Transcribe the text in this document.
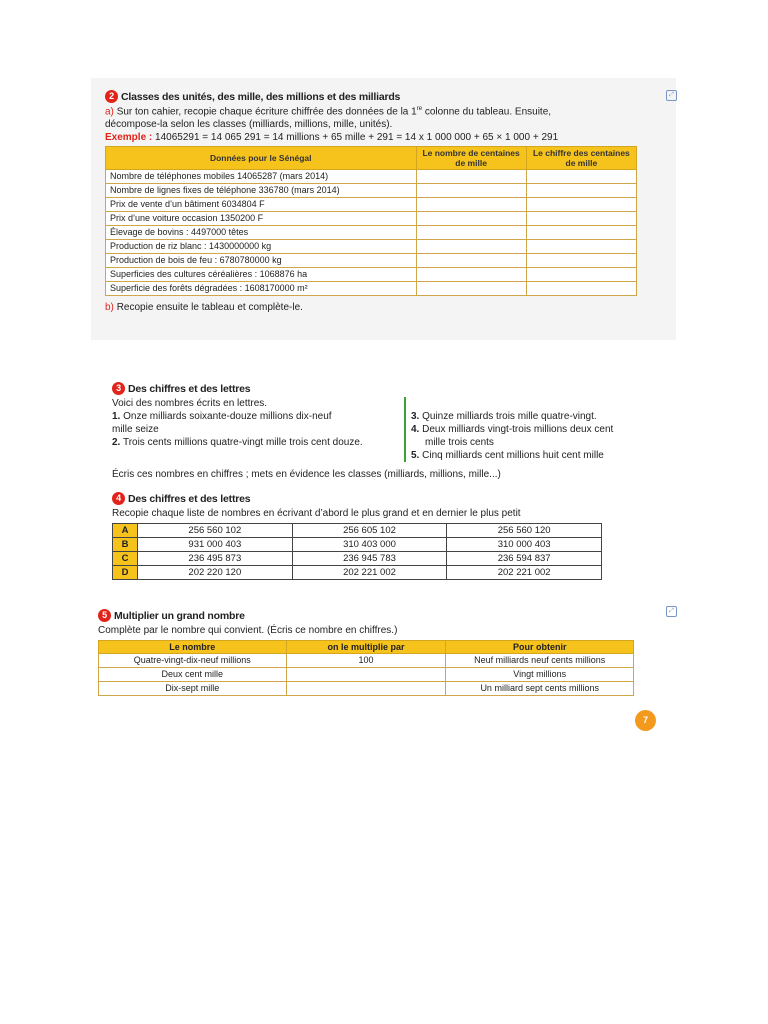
2 Classes des unités, des mille, des millions et des milliards
a) Sur ton cahier, recopie chaque écriture chiffrée des données de la 1re colonne du tableau. Ensuite,
décompose-la selon les classes (milliards, millions, mille, unités).
Exemple : 14065291 = 14 065 291 = 14 millions + 65 mille + 291 = 14 x 1 000 000 + 65 × 1 000 + 291
Données pour le Sénégal	Le nombre de centaines de mille	Le chiffre des centaines de mille
Nombre de téléphones mobiles 14065287 (mars 2014)		
Nombre de lignes fixes de téléphone 336780 (mars 2014)		
Prix de vente d’un bâtiment 6034804 F		
Prix d’une voiture occasion 1350200 F		
Élevage de bovins : 4497000 têtes		
Production de riz blanc : 1430000000 kg		
Production de bois de feu : 6780780000 kg		
Superficies des cultures céréalières : 1068876 ha		
Superficie des forêts dégradées : 1608170000 m²		
b) Recopie ensuite le tableau et complète-le.
⤢
3 Des chiffres et des lettres
Voici des nombres écrits en lettres.
1. Onze milliards soixante-douze millions dix-neuf
mille seize
2. Trois cents millions quatre-vingt mille trois cent douze.
3. Quinze milliards trois mille quatre-vingt.
4. Deux milliards vingt-trois millions deux cent
mille trois cents
5. Cinq milliards cent millions huit cent mille
Écris ces nombres en chiffres ; mets en évidence les classes (milliards, millions, mille...)
4 Des chiffres et des lettres
Recopie chaque liste de nombres en écrivant d’abord le plus grand et en dernier le plus petit
A	256 560 102	256 605 102	256 560 120
B	931 000 403	310 403 000	310 000 403
C	236 495 873	236 945 783	236 594 837
D	202 220 120	202 221 002	202 221 002
5 Multiplier un grand nombre
Complète par le nombre qui convient. (Écris ce nombre en chiffres.)
Le nombre	on le multiplie par	Pour obtenir
Quatre-vingt-dix-neuf millions	100	Neuf milliards neuf cents millions
Deux cent mille		Vingt millions
Dix-sept mille		Un milliard sept cents millions
⤢
7
